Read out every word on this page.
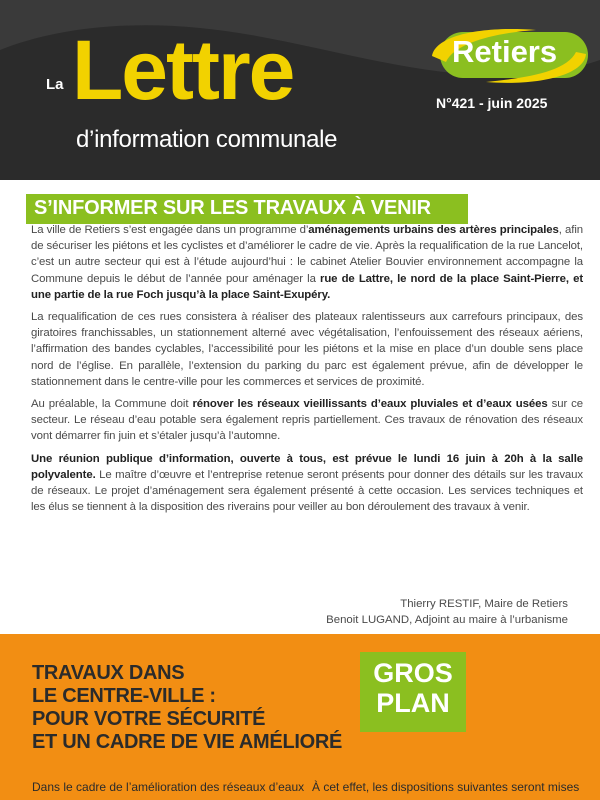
La Lettre
d’information communale
Retiers
N°421 - juin 2025
S’INFORMER SUR LES TRAVAUX À VENIR

La ville de Retiers s’est engagée dans un programme d’aménagements urbains des artères principales, afin de sécuriser les piétons et les cyclistes et d’améliorer le cadre de vie. Après la requalification de la rue Lancelot, c’est un autre secteur qui est à l’étude aujourd’hui : le cabinet Atelier Bouvier environnement accompagne la Commune depuis le début de l’année pour aménager la rue de Lattre, le nord de la place Saint-Pierre, et une partie de la rue Foch jusqu’à la place Saint-Exupéry.

La requalification de ces rues consistera à réaliser des plateaux ralentisseurs aux carrefours principaux, des giratoires franchissables, un stationnement alterné avec végétalisation, l’enfouissement des réseaux aériens, l’affirmation des bandes cyclables, l’accessibilité pour les piétons et la mise en place d’un double sens place nord de l’église. En parallèle, l’extension du parking du parc est également prévue, afin de développer le stationnement dans le centre-ville pour les commerces et services de proximité.

Au préalable, la Commune doit rénover les réseaux vieillissants d’eaux pluviales et d’eaux usées sur ce secteur. Le réseau d’eau potable sera également repris partiellement. Ces travaux de rénovation des réseaux vont démarrer fin juin et s’étaler jusqu’à l’automne.

Une réunion publique d’information, ouverte à tous, est prévue le lundi 16 juin à 20h à la salle polyvalente. Le maître d’œuvre et l’entreprise retenue seront présents pour donner des détails sur les travaux de réseaux. Le projet d’aménagement sera également présenté à cette occasion. Les services techniques et les élus se tiennent à la disposition des riverains pour veiller au bon déroulement des travaux à venir.

Thierry RESTIF, Maire de Retiers
Benoit LUGAND, Adjoint au maire à l’urbanisme
GROS
PLAN
TRAVAUX DANS
LE CENTRE-VILLE :
POUR VOTRE SÉCURITÉ
ET UN CADRE DE VIE AMÉLIORÉ
Dans le cadre de l’amélioration des réseaux d’eaux À cet effet, les dispositions suivantes seront mises
